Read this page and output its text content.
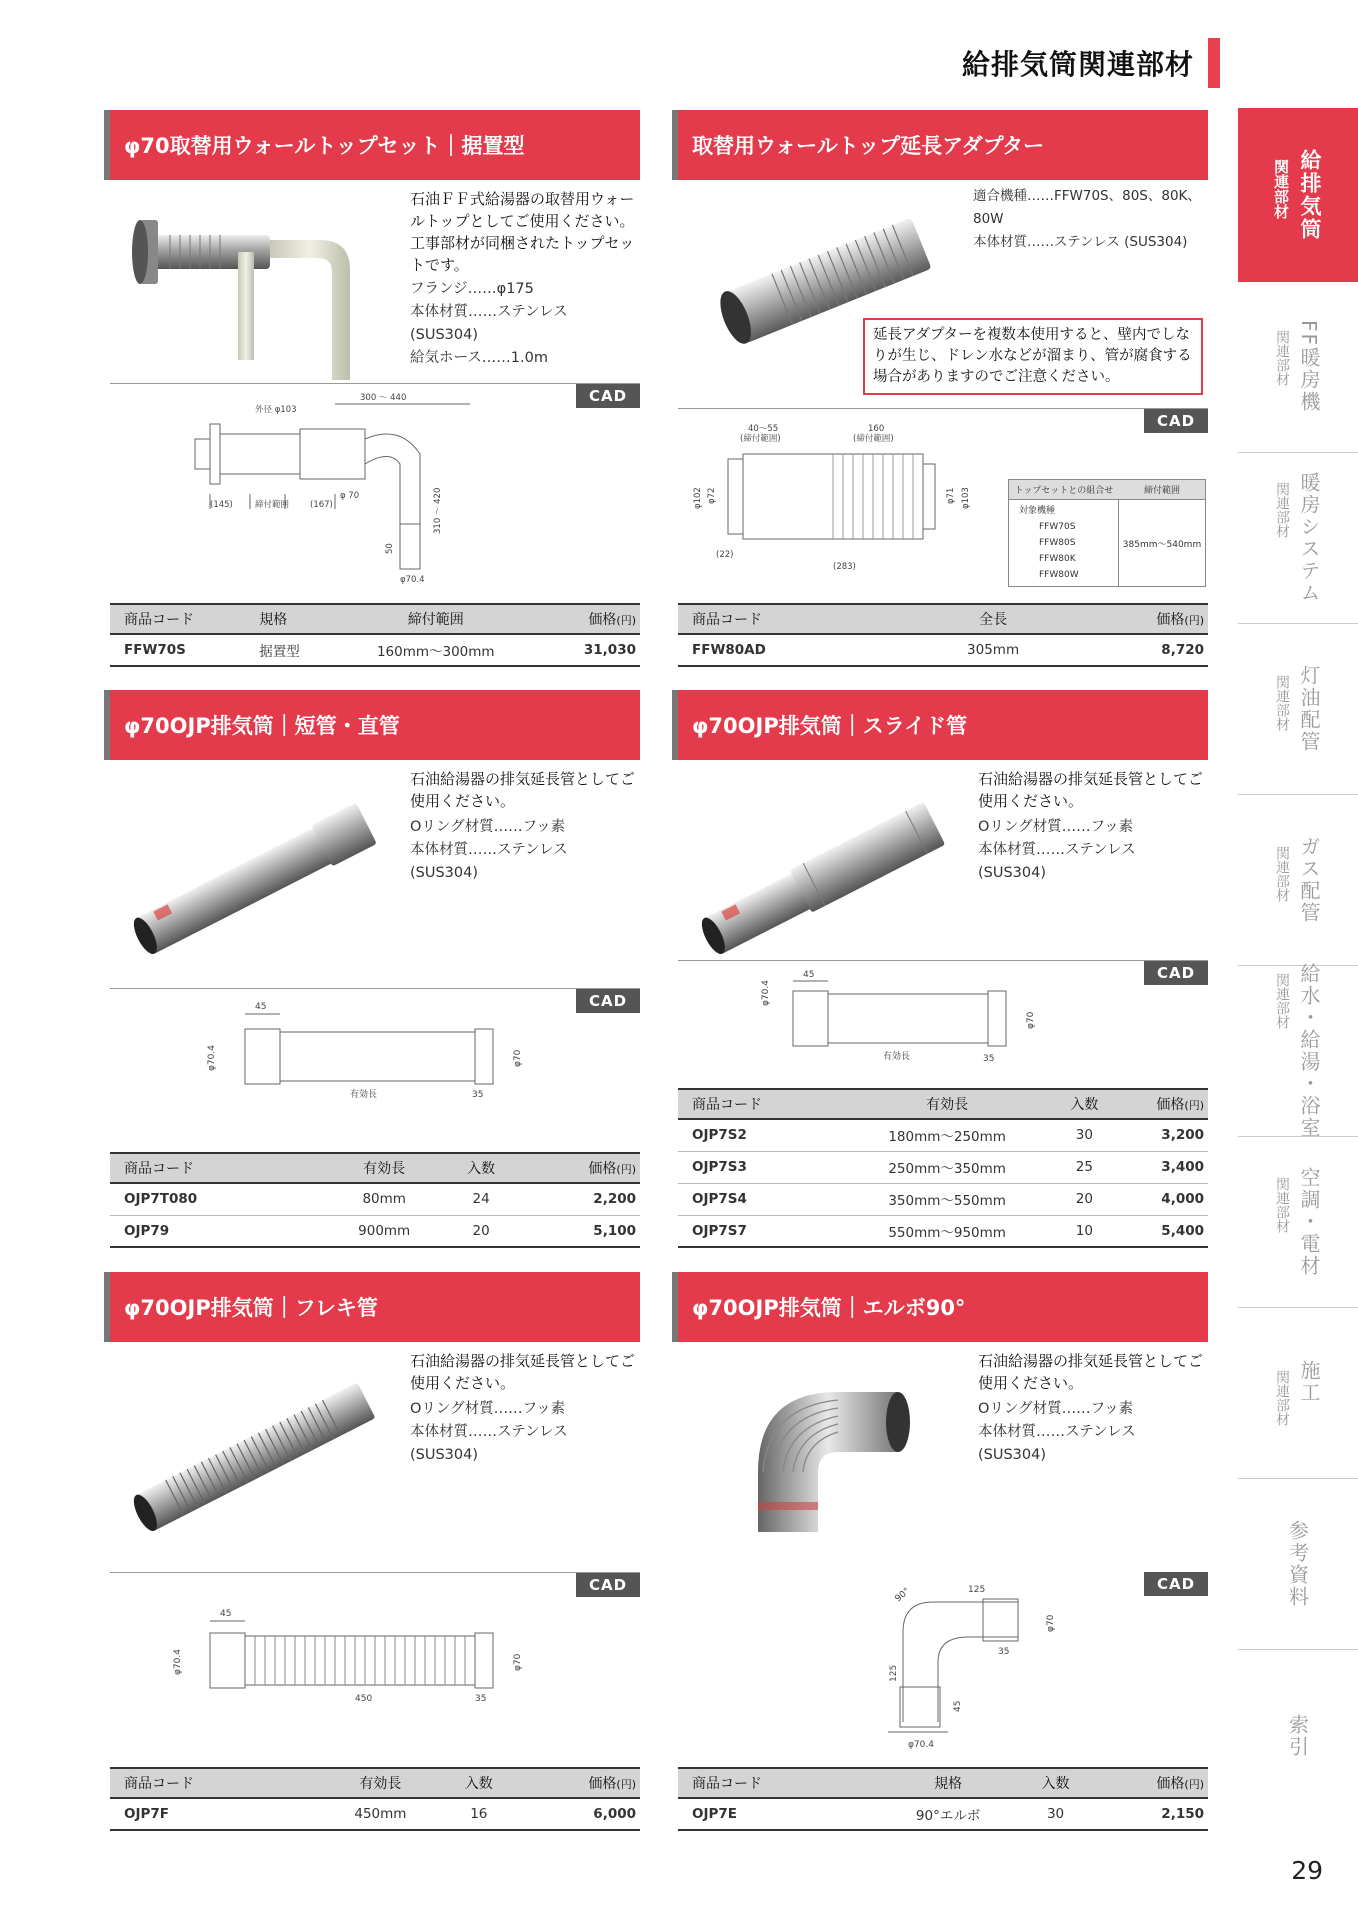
給排気筒関連部材
φ70取替用ウォールトップセット｜据置型
石油ＦＦ式給湯器の取替用ウォールトップとしてご使用ください。工事部材が同梱されたトップセットです。
フランジ……φ175
本体材質……ステンレス (SUS304)
給気ホース……1.0m
CAD
外径 φ103
300 ～ 440
(145)	締付範囲 (167)
φ 70	310 ～ 420
50
φ70.4
商品コード	規格	締付範囲	価格(円)
FFW70S	据置型	160mm～300mm	31,030
取替用ウォールトップ延長アダプター
適合機種……FFW70S、80S、80K、80W
本体材質……ステンレス (SUS304)
延長アダプターを複数本使用すると、壁内でしなりが生じ、ドレン水などが溜まり、管が腐食する場合がありますのでご注意ください。
CAD
40～55
(締付範囲)
160
(締付範囲)
φ102 φ72	φ71 φ103
(22)
(283)
トップセットとの組合せ	締付範囲
対象機種
FFW70S
FFW80S
FFW80K
FFW80W
385mm～540mm
商品コード	全長	価格(円)
FFW80AD	305mm	8,720
φ70OJP排気筒｜短管・直管
石油給湯器の排気延長管としてご使用ください。
Oリング材質……フッ素
本体材質……ステンレス (SUS304)
CAD
45
φ70.4	φ70
有効長	35
商品コード	有効長	入数	価格(円)
OJP7T080	80mm	24	2,200
OJP79	900mm	20	5,100
φ70OJP排気筒｜スライド管
石油給湯器の排気延長管としてご使用ください。
Oリング材質……フッ素
本体材質……ステンレス (SUS304)
CAD
45
φ70.4
φ70
有効長	35
商品コード	有効長	入数	価格(円)
OJP7S2	180mm～250mm	30	3,200
OJP7S3	250mm～350mm	25	3,400
OJP7S4	350mm～550mm	20	4,000
OJP7S7	550mm～950mm	10	5,400
φ70OJP排気筒｜フレキ管
石油給湯器の排気延長管としてご使用ください。
Oリング材質……フッ素
本体材質……ステンレス (SUS304)
CAD
45
φ70.4	φ70
450	35
商品コード	有効長	入数	価格(円)
OJP7F	450mm	16	6,000
φ70OJP排気筒｜エルボ90°
石油給湯器の排気延長管としてご使用ください。
Oリング材質……フッ素
本体材質……ステンレス (SUS304)
CAD
90°	125
φ70
35
125
45
φ70.4
商品コード	規格	入数	価格(円)
OJP7E	90°エルボ	30	2,150
給排気筒
関連部材
FF暖房機
関連部材
暖房システム
関連部材
灯油配管
関連部材
ガス配管
関連部材
給水・給湯・浴室
関連部材
空調・電材
関連部材
施工
関連部材
参考資料
索引
29
